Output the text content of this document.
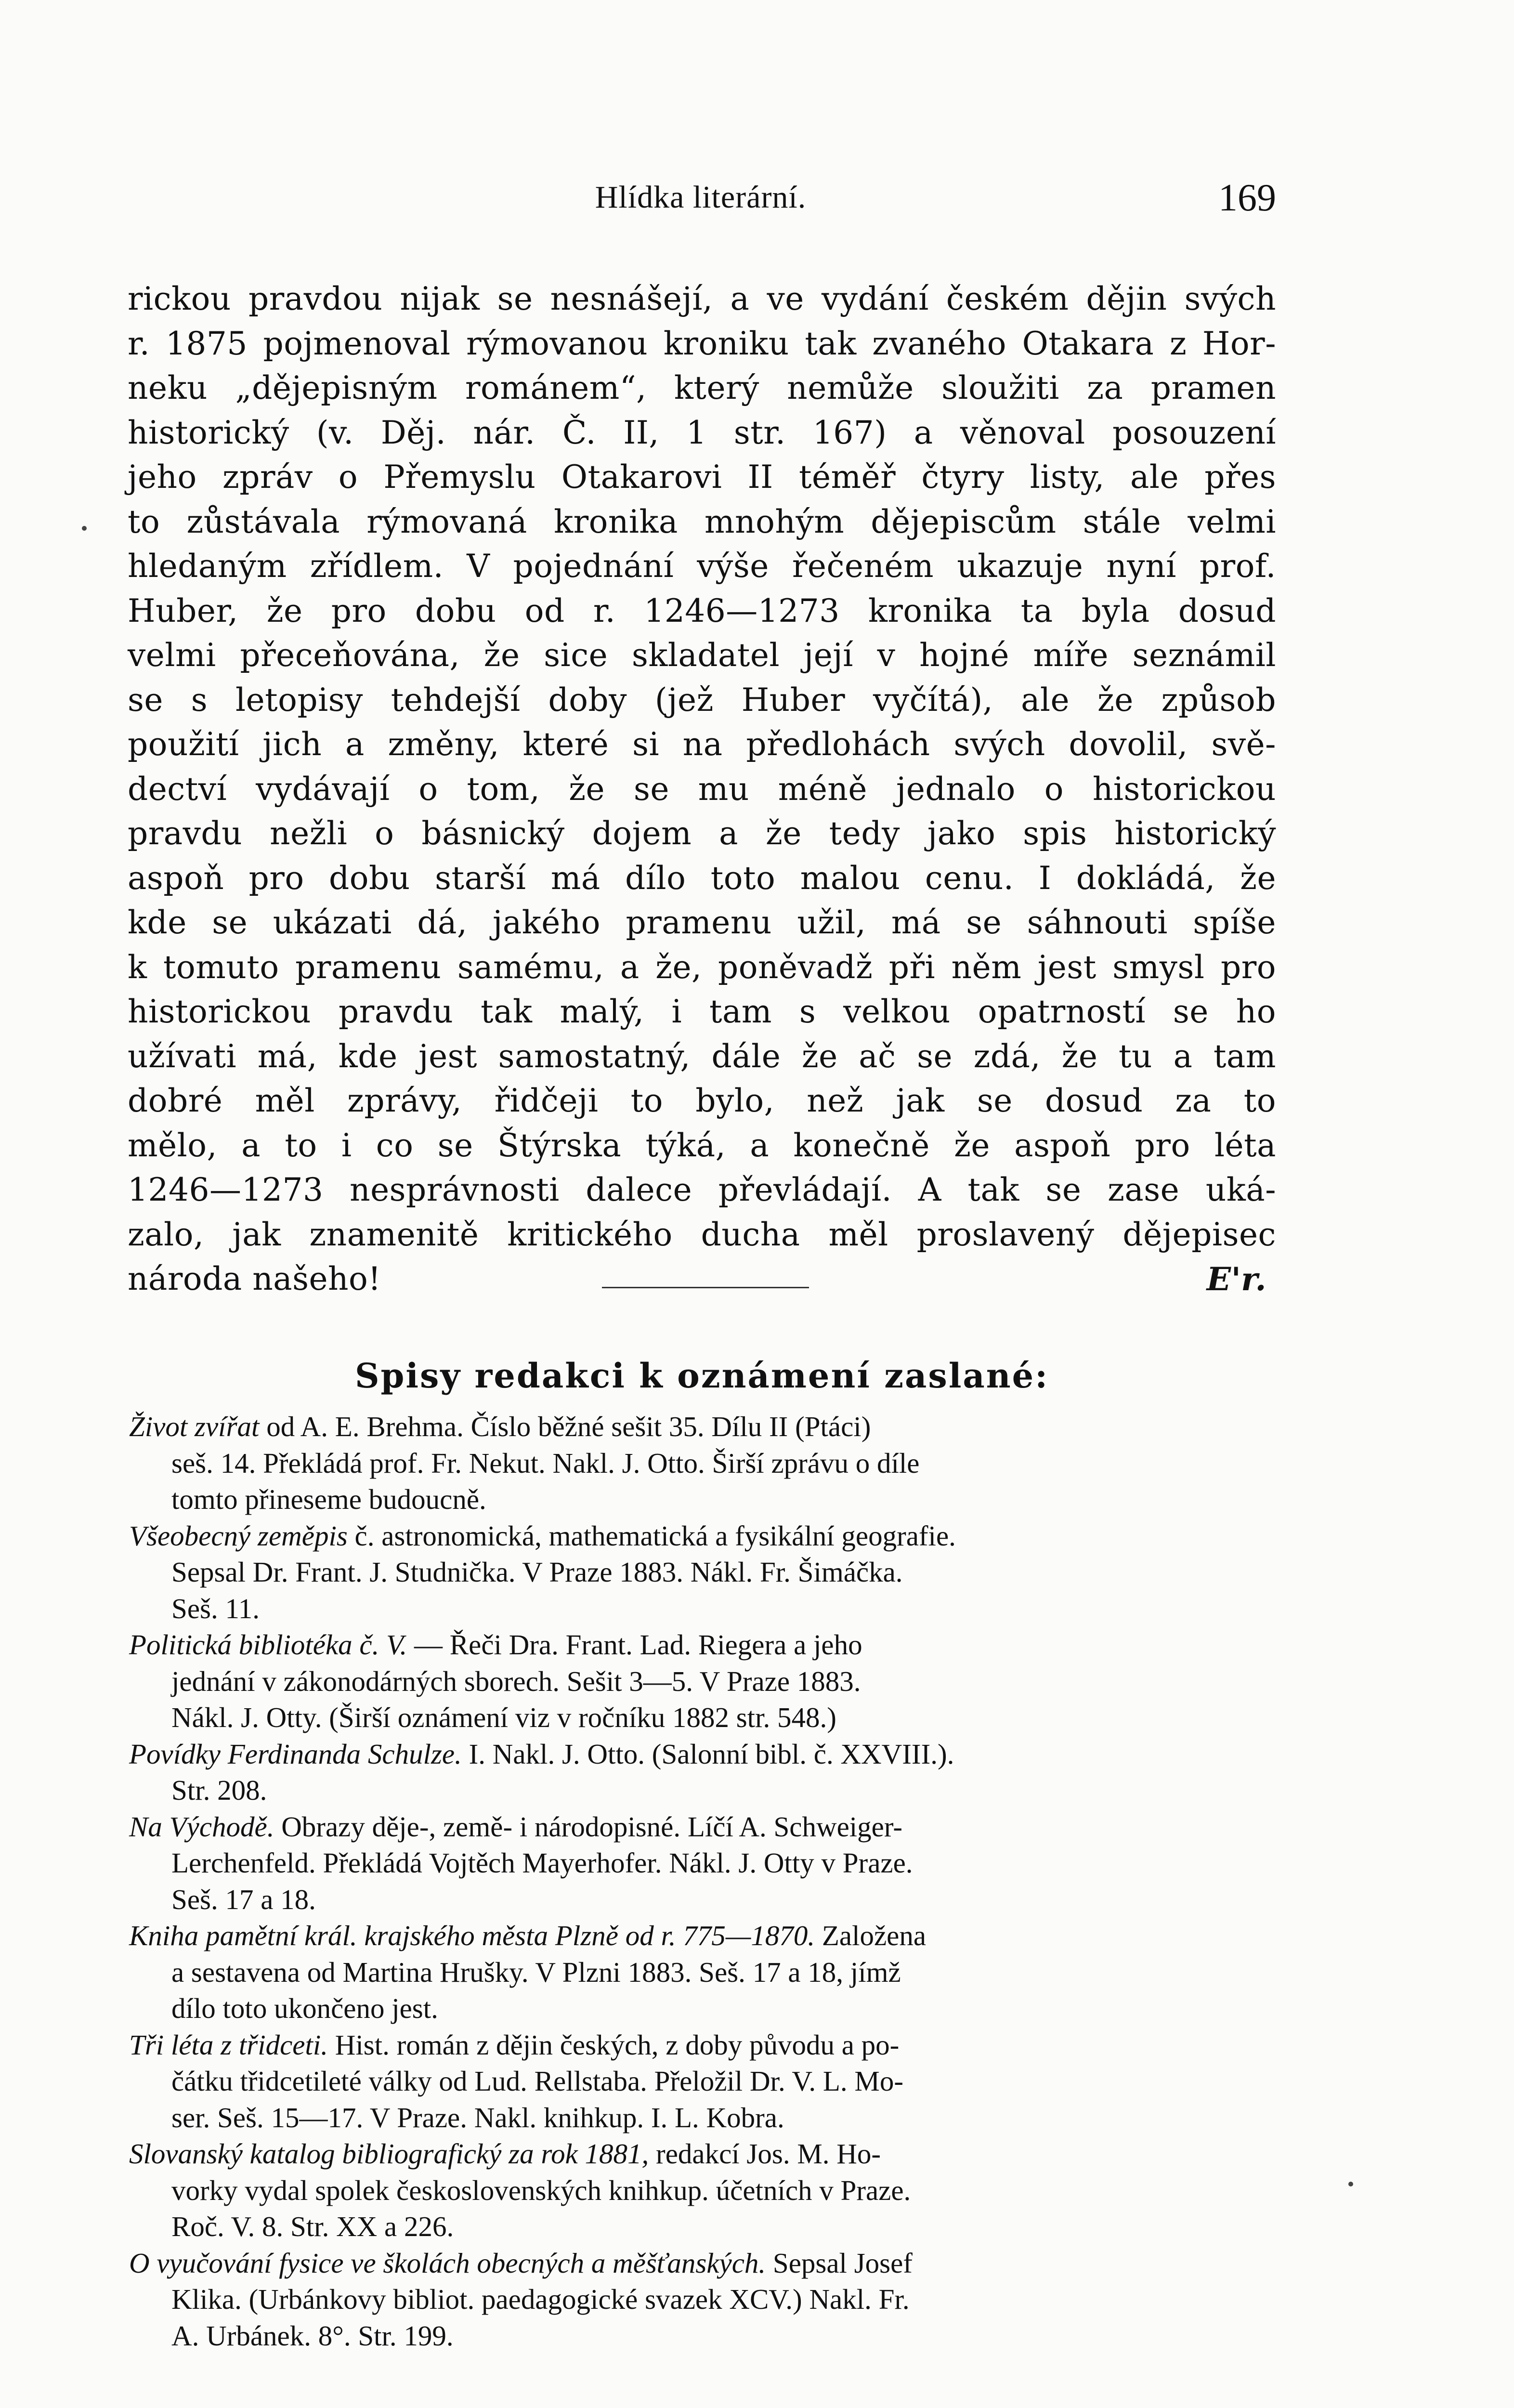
Hlídka literární.	169
rickou pravdou nijak se nesnášejí, a ve vydání českém dějin svých
r. 1875 pojmenoval rýmovanou kroniku tak zvaného Otakara z Hor-
neku „dějepisným románem“, který nemůže sloužiti za pramen
historický (v. Děj. nár. Č. II, 1 str. 167) a věnoval posouzení
jeho zpráv o Přemyslu Otakarovi II téměř čtyry listy, ale přes
to zůstávala rýmovaná kronika mnohým dějepiscům stále velmi
hledaným zřídlem. V pojednání výše řečeném ukazuje nyní prof.
Huber, že pro dobu od r. 1246—1273 kronika ta byla dosud
velmi přeceňována, že sice skladatel její v hojné míře seznámil
se s letopisy tehdejší doby (jež Huber vyčítá), ale že způsob
použití jich a změny, které si na předlohách svých dovolil, svě-
dectví vydávají o tom, že se mu méně jednalo o historickou
pravdu nežli o básnický dojem a že tedy jako spis historický
aspoň pro dobu starší má dílo toto malou cenu. I dokládá, že
kde se ukázati dá, jakého pramenu užil, má se sáhnouti spíše
k tomuto pramenu samému, a že, poněvadž při něm jest smysl pro
historickou pravdu tak malý, i tam s velkou opatrností se ho
užívati má, kde jest samostatný, dále že ač se zdá, že tu a tam
dobré měl zprávy, řidčeji to bylo, než jak se dosud za to
mělo, a to i co se Štýrska týká, a konečně že aspoň pro léta
1246—1273 nesprávnosti dalece převládají. A tak se zase uká-
zalo, jak znamenitě kritického ducha měl proslavený dějepisec
národa našeho!	E'r.
Spisy redakci k oznámení zaslané:
Život zvířat od A. E. Brehma. Číslo běžné sešit 35. Dílu II (Ptáci)
seš. 14. Překládá prof. Fr. Nekut. Nakl. J. Otto. Širší zprávu o díle
tomto přineseme budoucně.
Všeobecný zeměpis č. astronomická, mathematická a fysikální geografie.
Sepsal Dr. Frant. J. Studnička. V Praze 1883. Nákl. Fr. Šimáčka.
Seš. 11.
Politická bibliotéka č. V. — Řeči Dra. Frant. Lad. Riegera a jeho
jednání v zákonodárných sborech. Sešit 3—5. V Praze 1883.
Nákl. J. Otty. (Širší oznámení viz v ročníku 1882 str. 548.)
Povídky Ferdinanda Schulze. I. Nakl. J. Otto. (Salonní bibl. č. XXVIII.).
Str. 208.
Na Východě. Obrazy děje-, země- i národopisné. Líčí A. Schweiger-
Lerchenfeld. Překládá Vojtěch Mayerhofer. Nákl. J. Otty v Praze.
Seš. 17 a 18.
Kniha pamětní král. krajského města Plzně od r. 775—1870. Založena
a sestavena od Martina Hrušky. V Plzni 1883. Seš. 17 a 18, jímž
dílo toto ukončeno jest.
Tři léta z třidceti. Hist. román z dějin českých, z doby původu a po-
čátku třidcetileté války od Lud. Rellstaba. Přeložil Dr. V. L. Mo-
ser. Seš. 15—17. V Praze. Nakl. knihkup. I. L. Kobra.
Slovanský katalog bibliografický za rok 1881, redakcí Jos. M. Ho-
vorky vydal spolek československých knihkup. účetních v Praze.
Roč. V. 8. Str. XX a 226.
O vyučování fysice ve školách obecných a měšťanských. Sepsal Josef
Klika. (Urbánkovy bibliot. paedagogické svazek XCV.) Nakl. Fr.
A. Urbánek. 8°. Str. 199.
